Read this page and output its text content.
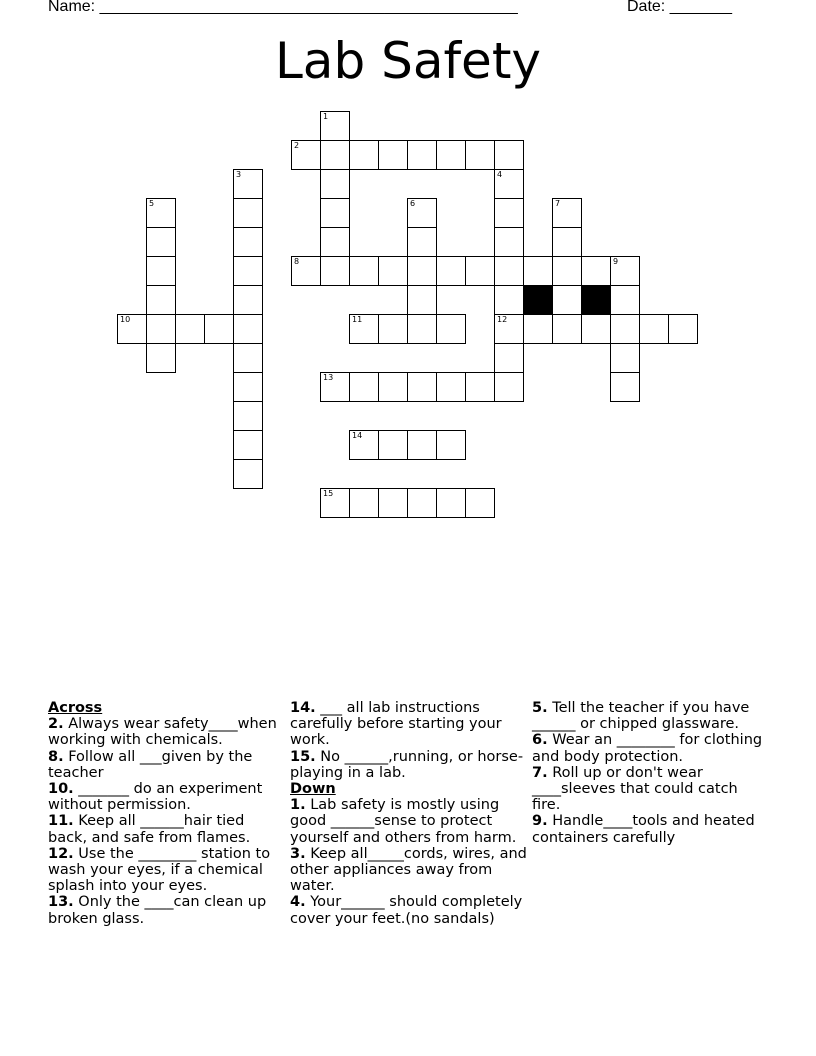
Name: _______________________________________________	Date: _______
Lab Safety
1
2
3	4
5	6	7
8	9
10	11	12
13
14
15

Across

2. Always wear safety____when working with chemicals.

8. Follow all ___given by the teacher

10. _______ do an experiment without permission.

11. Keep all ______hair tied back, and safe from flames.

12. Use the ________ station to wash your eyes, if a chemical splash into your eyes.

13. Only the ____can clean up broken glass.

14. ___ all lab instructions carefully before starting your work.

15. No ______,running, or horse-playing in a lab.

Down

1. Lab safety is mostly using good ______sense to protect yourself and others from harm.

3. Keep all_____cords, wires, and other appliances away from water.

4. Your______ should completely cover your feet.(no sandals)

5. Tell the teacher if you have ______ or chipped glassware.

6. Wear an ________ for clothing and body protection.

7. Roll up or don't wear ____sleeves that could catch fire.

9. Handle____tools and heated containers carefully
